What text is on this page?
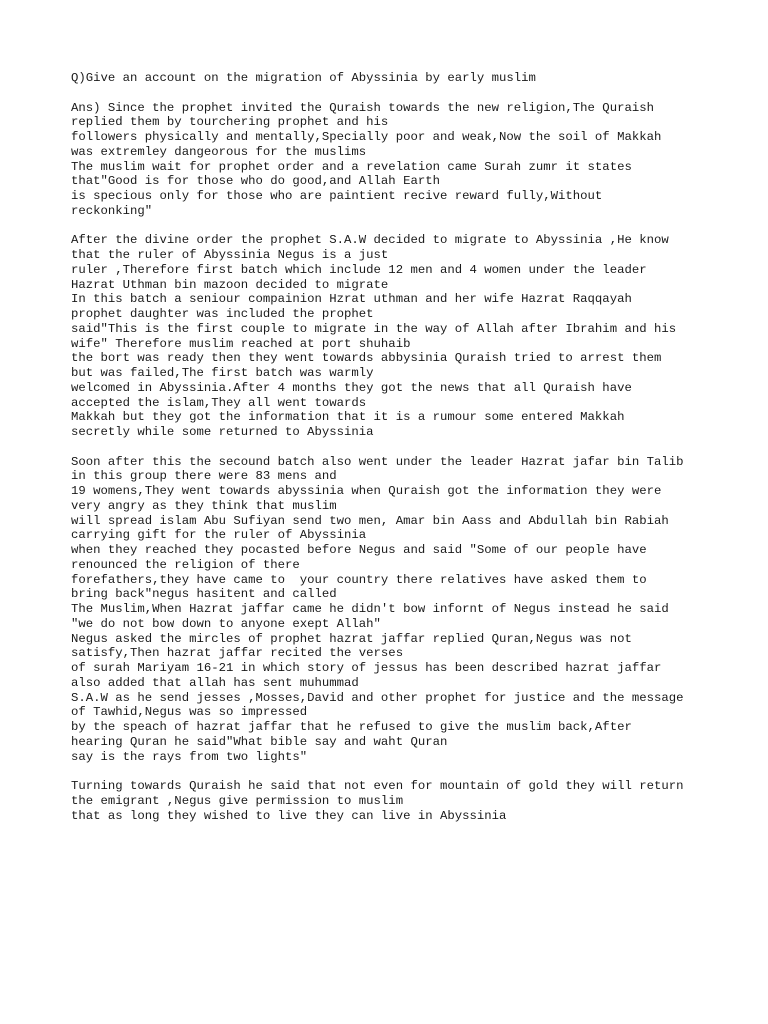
Q)Give an account on the migration of Abyssinia by early muslim
Ans) Since the prophet invited the Quraish towards the new religion,The Quraish
replied them by tourchering prophet and his
followers physically and mentally,Specially poor and weak,Now the soil of Makkah
was extremley dangeorous for the muslims
The muslim wait for prophet order and a revelation came Surah zumr it states
that"Good is for those who do good,and Allah Earth
is specious only for those who are paintient recive reward fully,Without
reckonking"
After the divine order the prophet S.A.W decided to migrate to Abyssinia ,He know
that the ruler of Abyssinia Negus is a just
ruler ,Therefore first batch which include 12 men and 4 women under the leader
Hazrat Uthman bin mazoon decided to migrate
In this batch a seniour compainion Hzrat uthman and her wife Hazrat Raqqayah
prophet daughter was included the prophet
said"This is the first couple to migrate in the way of Allah after Ibrahim and his
wife" Therefore muslim reached at port shuhaib
the bort was ready then they went towards abbysinia Quraish tried to arrest them
but was failed,The first batch was warmly
welcomed in Abyssinia.After 4 months they got the news that all Quraish have
accepted the islam,They all went towards
Makkah but they got the information that it is a rumour some entered Makkah
secretly while some returned to Abyssinia
Soon after this the secound batch also went under the leader Hazrat jafar bin Talib
in this group there were 83 mens and
19 womens,They went towards abyssinia when Quraish got the information they were
very angry as they think that muslim
will spread islam Abu Sufiyan send two men, Amar bin Aass and Abdullah bin Rabiah
carrying gift for the ruler of Abyssinia
when they reached they pocasted before Negus and said "Some of our people have
renounced the religion of there
forefathers,they have came to  your country there relatives have asked them to
bring back"negus hasitent and called
The Muslim,When Hazrat jaffar came he didn't bow infornt of Negus instead he said
"we do not bow down to anyone exept Allah"
Negus asked the mircles of prophet hazrat jaffar replied Quran,Negus was not
satisfy,Then hazrat jaffar recited the verses
of surah Mariyam 16-21 in which story of jessus has been described hazrat jaffar
also added that allah has sent muhummad
S.A.W as he send jesses ,Mosses,David and other prophet for justice and the message
of Tawhid,Negus was so impressed
by the speach of hazrat jaffar that he refused to give the muslim back,After
hearing Quran he said"What bible say and waht Quran
say is the rays from two lights"
Turning towards Quraish he said that not even for mountain of gold they will return
the emigrant ,Negus give permission to muslim
that as long they wished to live they can live in Abyssinia
